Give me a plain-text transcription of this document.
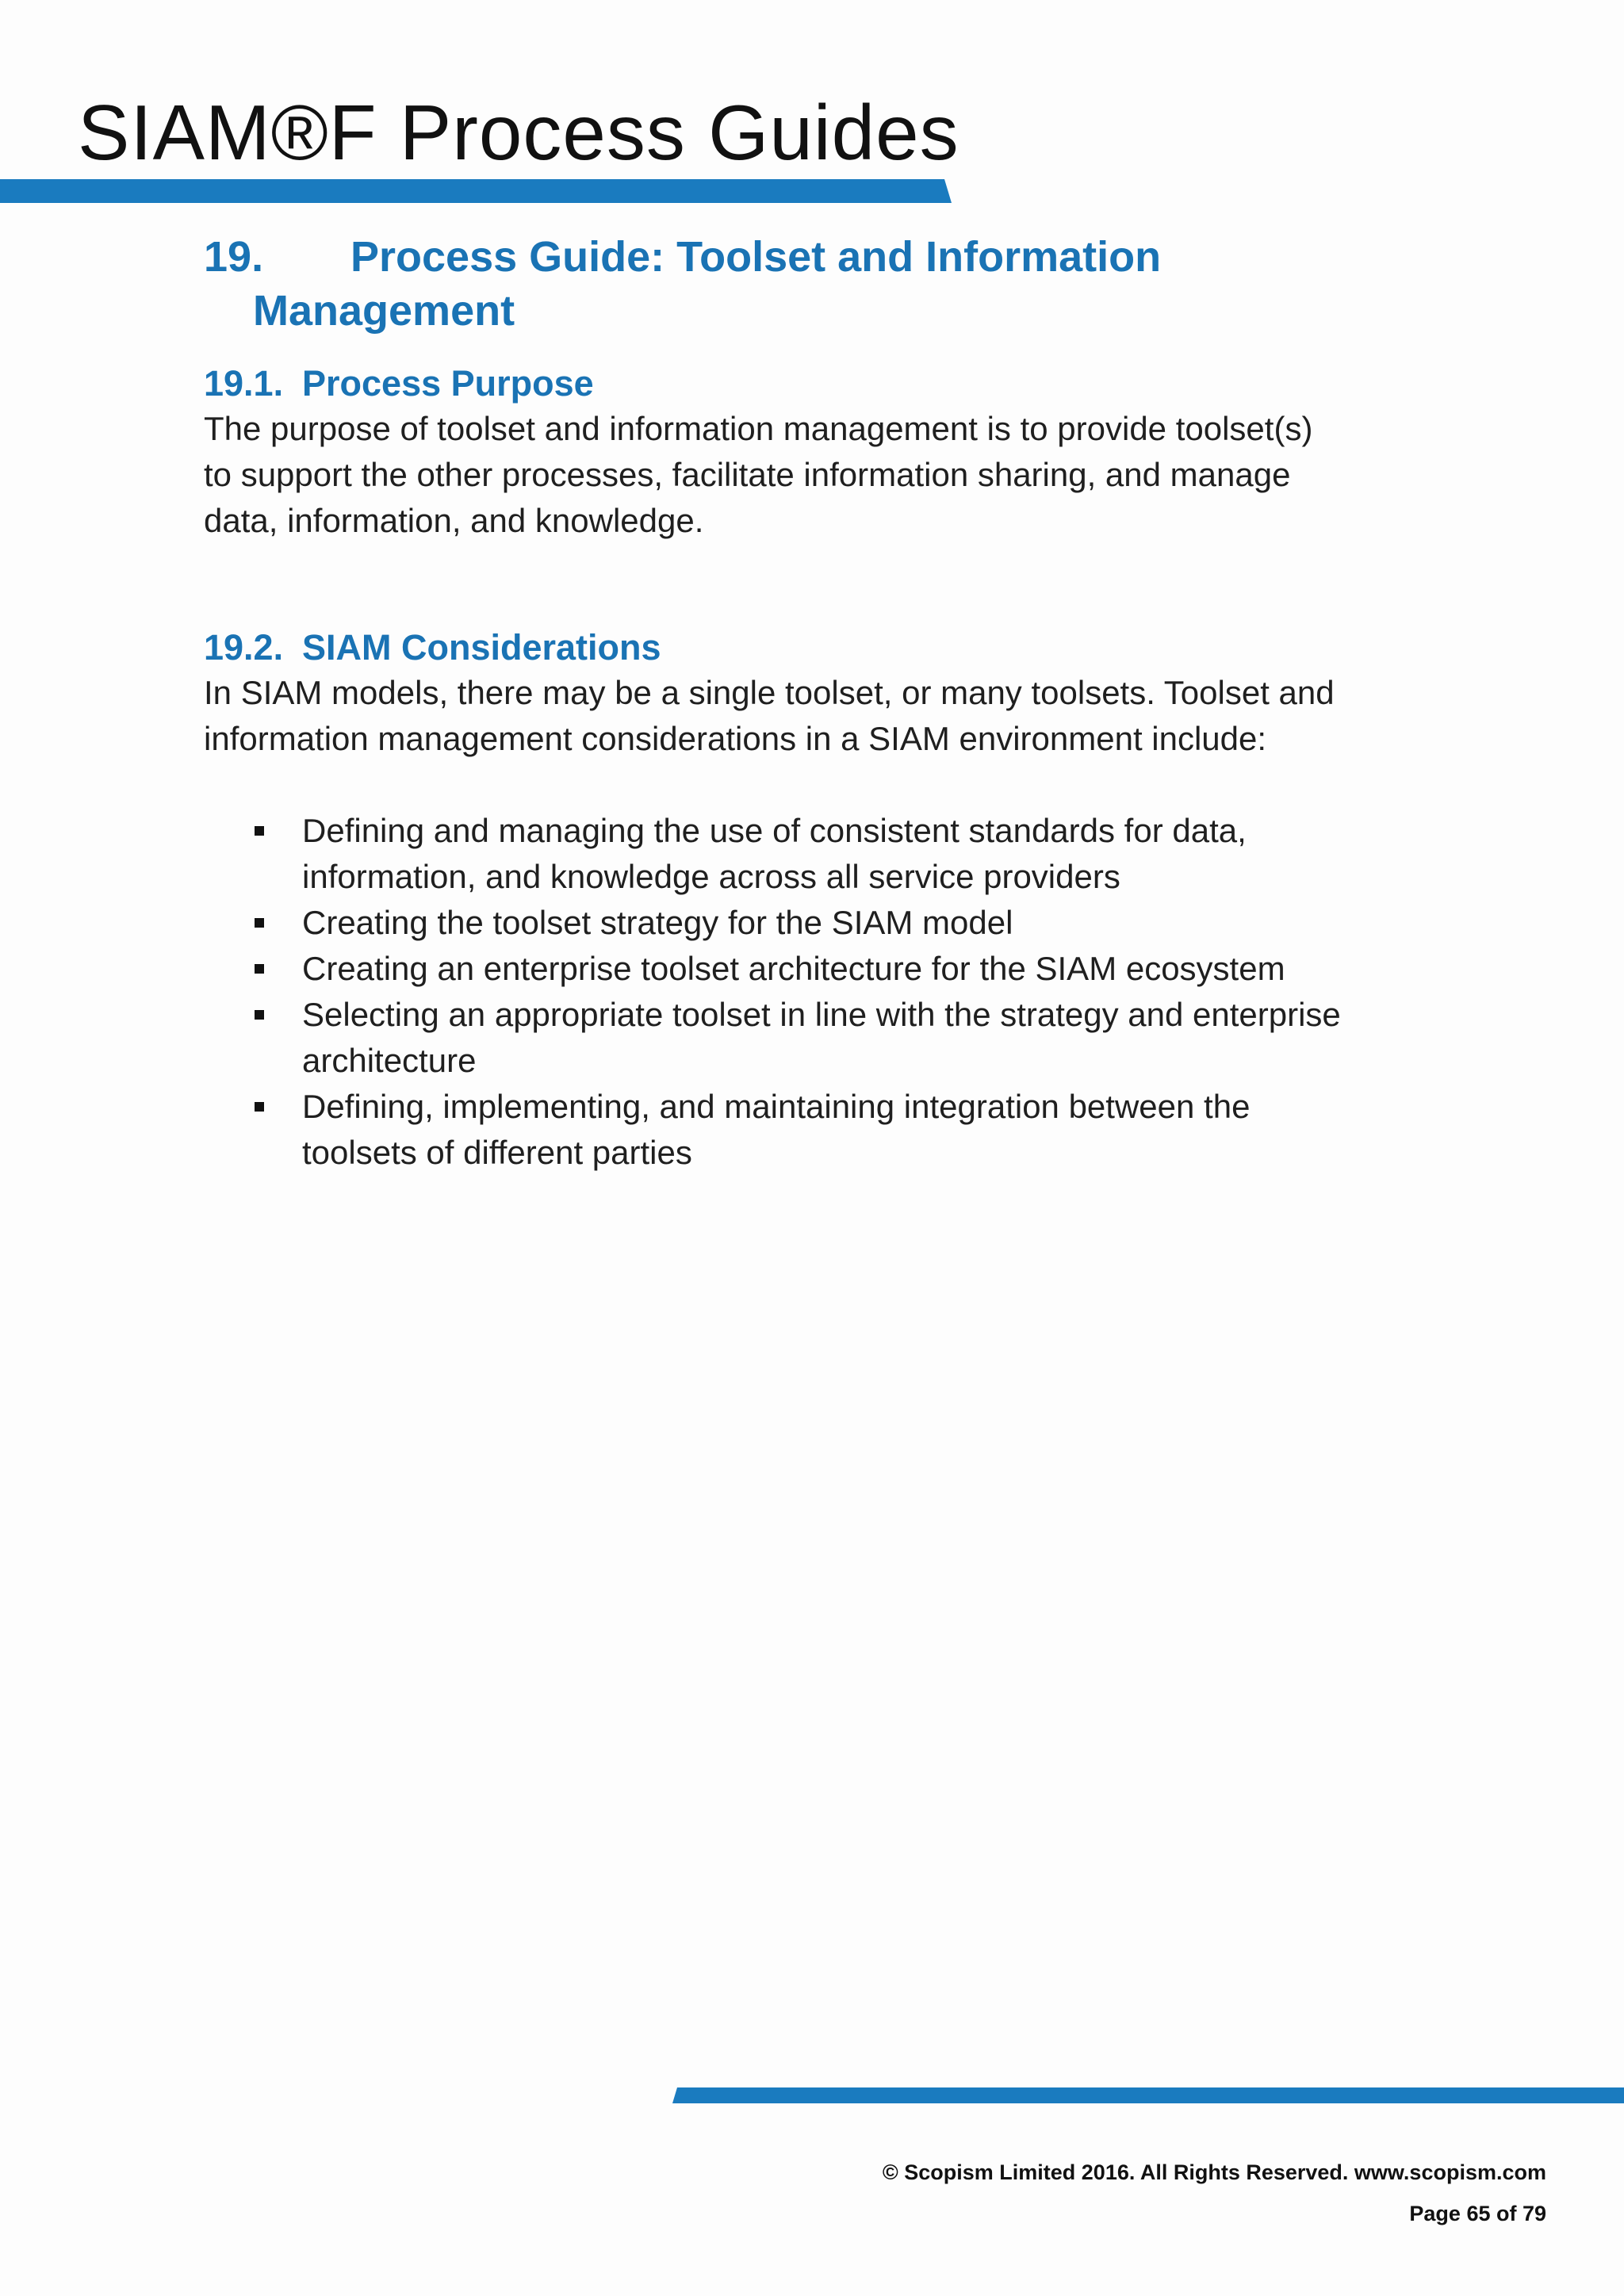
SIAM®F Process Guides
19. Process Guide: Toolset and Information
Management
19.1. Process Purpose

The purpose of toolset and information management is to provide toolset(s)
to support the other processes, facilitate information sharing, and manage
data, information, and knowledge.

19.2. SIAM Considerations

In SIAM models, there may be a single toolset, or many toolsets. Toolset and
information management considerations in a SIAM environment include:

Defining and managing the use of consistent standards for data,
information, and knowledge across all service providers
Creating the toolset strategy for the SIAM model
Creating an enterprise toolset architecture for the SIAM ecosystem
Selecting an appropriate toolset in line with the strategy and enterprise
architecture
Defining, implementing, and maintaining integration between the
toolsets of different parties
© Scopism Limited 2016. All Rights Reserved. www.scopism.com
Page 65 of 79
